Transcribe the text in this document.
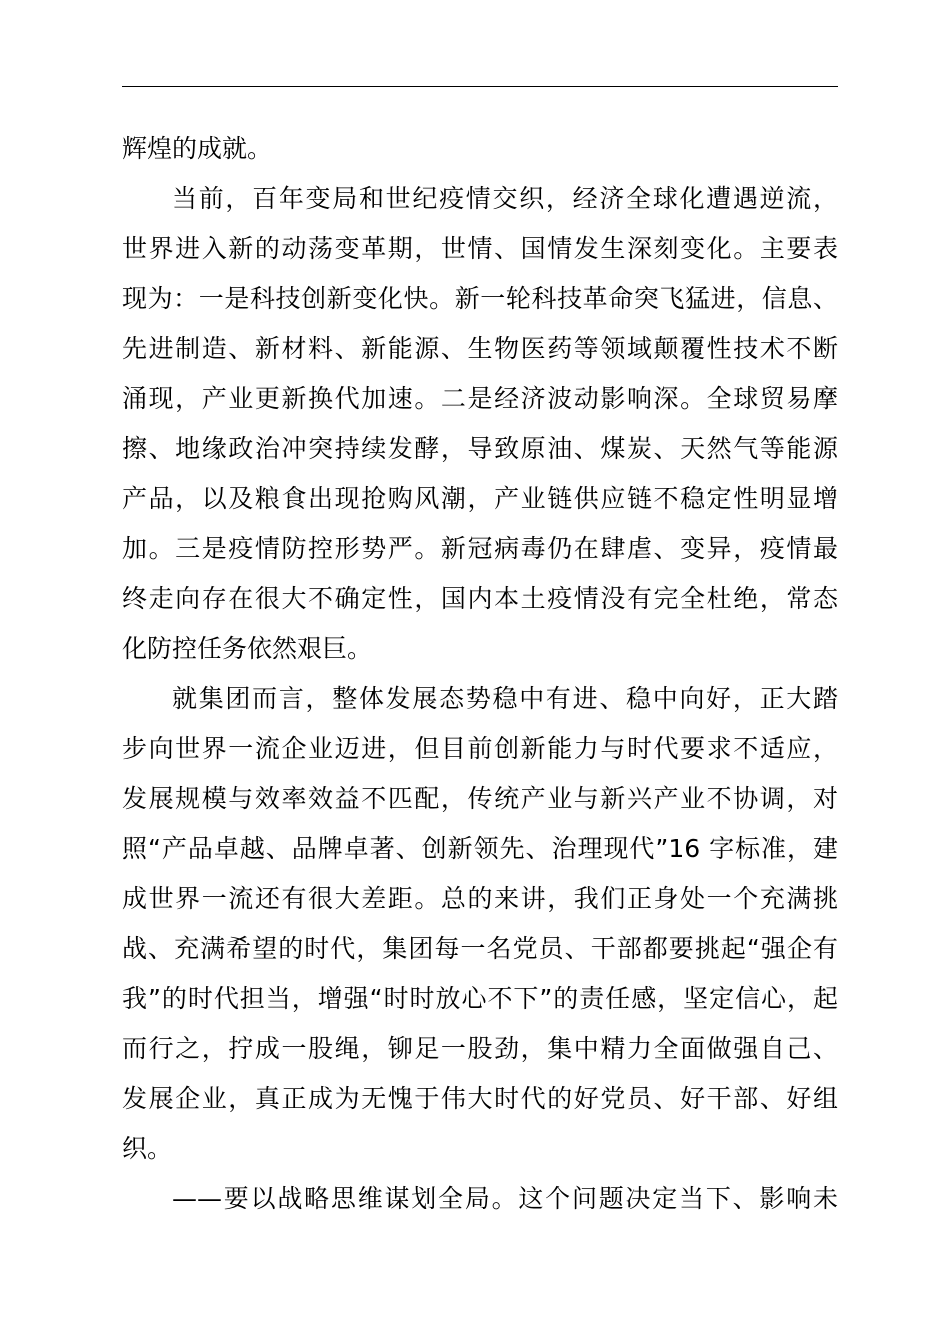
辉煌的成就。
当前，百年变局和世纪疫情交织，经济全球化遭遇逆流，
世界进入新的动荡变革期，世情、国情发生深刻变化。主要表
现为：一是科技创新变化快。新一轮科技革命突飞猛进，信息、
先进制造、新材料、新能源、生物医药等领域颠覆性技术不断
涌现，产业更新换代加速。二是经济波动影响深。全球贸易摩
擦、地缘政治冲突持续发酵，导致原油、煤炭、天然气等能源
产品，以及粮食出现抢购风潮，产业链供应链不稳定性明显增
加。三是疫情防控形势严。新冠病毒仍在肆虐、变异，疫情最
终走向存在很大不确定性，国内本土疫情没有完全杜绝，常态
化防控任务依然艰巨。
就集团而言，整体发展态势稳中有进、稳中向好，正大踏
步向世界一流企业迈进，但目前创新能力与时代要求不适应，
发展规模与效率效益不匹配，传统产业与新兴产业不协调，对
照“产品卓越、品牌卓著、创新领先、治理现代”16 字标准，建
成世界一流还有很大差距。总的来讲，我们正身处一个充满挑
战、充满希望的时代，集团每一名党员、干部都要挑起“强企有
我”的时代担当，增强“时时放心不下”的责任感，坚定信心，起
而行之，拧成一股绳，铆足一股劲，集中精力全面做强自己、
发展企业，真正成为无愧于伟大时代的好党员、好干部、好组
织。
——要以战略思维谋划全局。这个问题决定当下、影响未
